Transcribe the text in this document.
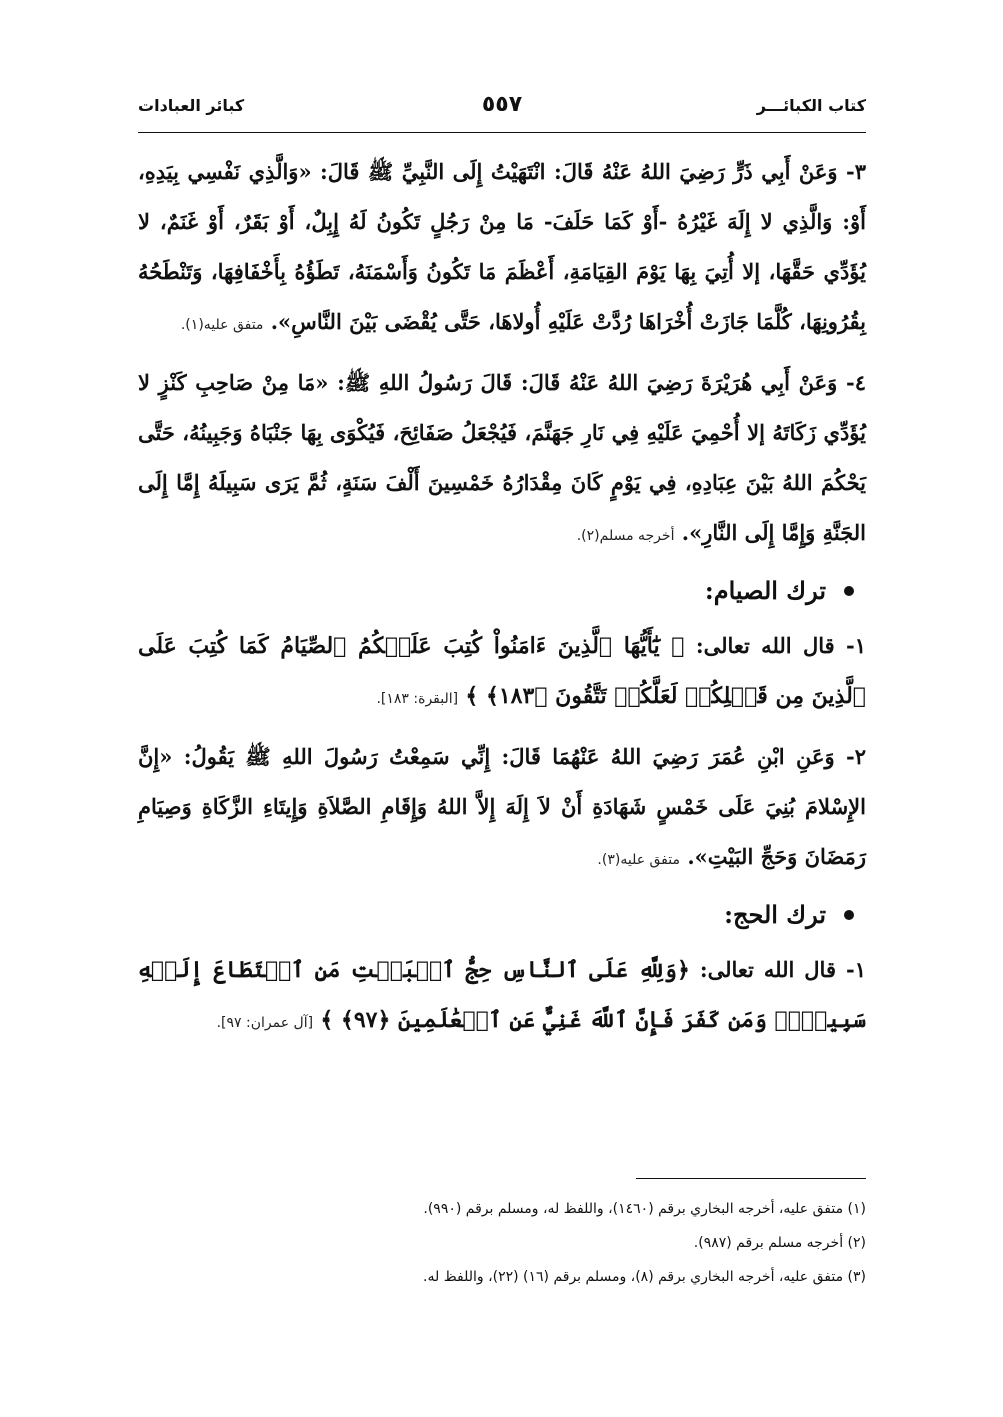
كتاب الكبائـــر
٥٥٧
كبائر العبادات

٣- وَعَنْ أَبِي ذَرٍّ رَضِيَ اللهُ عَنْهُ قَالَ: انْتَهَيْتُ إِلَى النَّبِيِّ ﷺ قَالَ: «وَالَّذِي نَفْسِي بِيَدِهِ، أَوْ: وَالَّذِي لا إِلَهَ غَيْرُهُ -أَوْ كَمَا حَلَفَ- مَا مِنْ رَجُلٍ تَكُونُ لَهُ إِبِلٌ، أَوْ بَقَرٌ، أَوْ غَنَمٌ، لا يُؤَدِّي حَقَّهَا، إلا أُتِيَ بِهَا يَوْمَ القِيَامَةِ، أَعْظَمَ مَا تَكُونُ وَأَسْمَنَهُ، تَطَؤُهُ بِأَخْفَافِهَا، وَتَنْطَحُهُ بِقُرُونِهَا، كُلَّمَا جَازَتْ أُخْرَاهَا رُدَّتْ عَلَيْهِ أُولاهَا، حَتَّى يُقْضَى بَيْنَ النَّاسِ». متفق عليه(١).

٤- وَعَنْ أَبِي هُرَيْرَةَ رَضِيَ اللهُ عَنْهُ قَالَ: قَالَ رَسُولُ اللهِ ﷺ: «مَا مِنْ صَاحِبِ كَنْزٍ لا يُؤَدِّي زَكَاتَهُ إلا أُحْمِيَ عَلَيْهِ فِي نَارِ جَهَنَّمَ، فَيُجْعَلُ صَفَائِحَ، فَيُكْوَى بِهَا جَنْبَاهُ وَجَبِينُهُ، حَتَّى يَحْكُمَ اللهُ بَيْنَ عِبَادِهِ، فِي يَوْمٍ كَانَ مِقْدَارُهُ خَمْسِينَ أَلْفَ سَنَةٍ، ثُمَّ يَرَى سَبِيلَهُ إِمَّا إِلَى الجَنَّةِ وَإِمَّا إِلَى النَّارِ». أخرجه مسلم(٢).

ترك الصيام:

١- قال الله تعالى: ﴿ يَٰٓأَيُّهَا ٱلَّذِينَ ءَامَنُواْ كُتِبَ عَلَيۡكُمُ ٱلصِّيَامُ كَمَا كُتِبَ عَلَى ٱلَّذِينَ مِن قَبۡلِكُمۡ لَعَلَّكُمۡ تَتَّقُونَ ﴿١٨٣﴾ ﴾ [البقرة: ١٨٣].

٢- وَعَنِ ابْنِ عُمَرَ رَضِيَ اللهُ عَنْهُمَا قَالَ: إِنِّي سَمِعْتُ رَسُولَ اللهِ ﷺ يَقُولُ: «إِنَّ الإِسْلامَ بُنِيَ عَلَى خَمْسٍ شَهَادَةِ أَنْ لاَ إِلَهَ إِلاَّ اللهُ وَإِقَامِ الصَّلاَةِ وَإِيتَاءِ الزَّكَاةِ وَصِيَامِ رَمَضَانَ وَحَجِّ البَيْتِ». متفق عليه(٣).

ترك الحج:

١- قال الله تعالى: ﴿وَلِلَّهِ عَلَى ٱلنَّاسِ حِجُّ ٱلۡبَيۡتِ مَنِ ٱسۡتَطَاعَ إِلَيۡهِ سَبِيلٗاۚ وَمَن كَفَرَ فَإِنَّ ٱللَّهَ غَنِيٌّ عَنِ ٱلۡعَٰلَمِينَ ﴿٩٧﴾ ﴾ [آل عمران: ٩٧].

(١) متفق عليه، أخرجه البخاري برقم (١٤٦٠)، واللفظ له، ومسلم برقم (٩٩٠).
(٢) أخرجه مسلم برقم (٩٨٧).
(٣) متفق عليه، أخرجه البخاري برقم (٨)، ومسلم برقم (١٦) (٢٢)، واللفظ له.
